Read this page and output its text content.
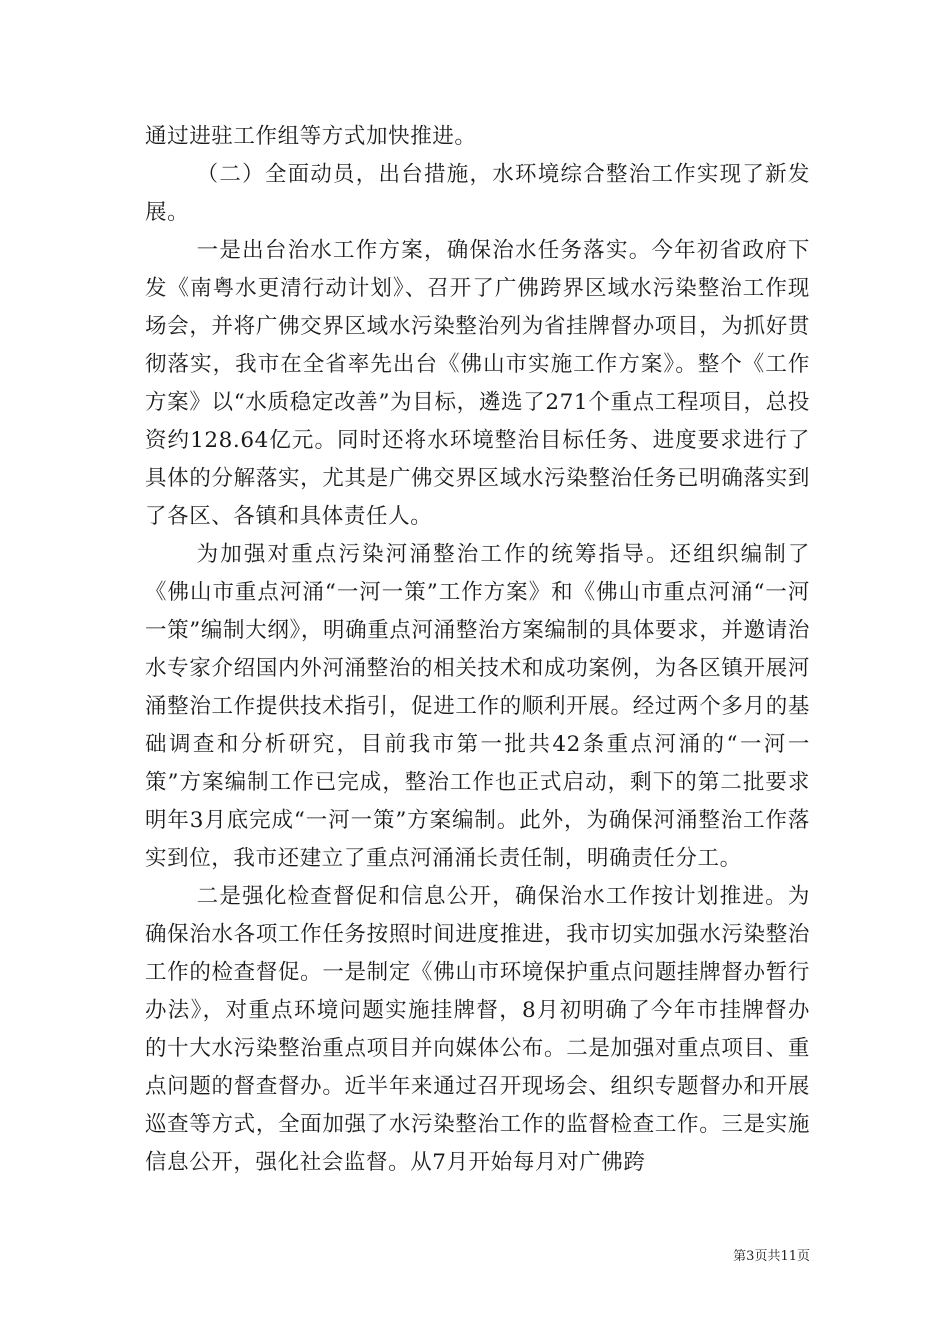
通过进驻工作组等方式加快推进。

（二）全面动员，出台措施，水环境综合整治工作实现了新发展。

一是出台治水工作方案，确保治水任务落实。今年初省政府下发《南粤水更清行动计划》、召开了广佛跨界区域水污染整治工作现场会，并将广佛交界区域水污染整治列为省挂牌督办项目，为抓好贯彻落实，我市在全省率先出台《佛山市实施工作方案》。整个《工作方案》以“水质稳定改善”为目标，遴选了271个重点工程项目，总投资约128.64亿元。同时还将水环境整治目标任务、进度要求进行了具体的分解落实，尤其是广佛交界区域水污染整治任务已明确落实到了各区、各镇和具体责任人。

为加强对重点污染河涌整治工作的统筹指导。还组织编制了《佛山市重点河涌“一河一策”工作方案》和《佛山市重点河涌“一河一策”编制大纲》，明确重点河涌整治方案编制的具体要求，并邀请治水专家介绍国内外河涌整治的相关技术和成功案例，为各区镇开展河涌整治工作提供技术指引，促进工作的顺利开展。经过两个多月的基础调查和分析研究，目前我市第一批共42条重点河涌的“一河一策”方案编制工作已完成，整治工作也正式启动，剩下的第二批要求明年3月底完成“一河一策”方案编制。此外，为确保河涌整治工作落实到位，我市还建立了重点河涌涌长责任制，明确责任分工。

二是强化检查督促和信息公开，确保治水工作按计划推进。为确保治水各项工作任务按照时间进度推进，我市切实加强水污染整治工作的检查督促。一是制定《佛山市环境保护重点问题挂牌督办暂行办法》，对重点环境问题实施挂牌督，8月初明确了今年市挂牌督办的十大水污染整治重点项目并向媒体公布。二是加强对重点项目、重点问题的督查督办。近半年来通过召开现场会、组织专题督办和开展巡查等方式，全面加强了水污染整治工作的监督检查工作。三是实施信息公开，强化社会监督。从7月开始每月对广佛跨

第3页共11页
